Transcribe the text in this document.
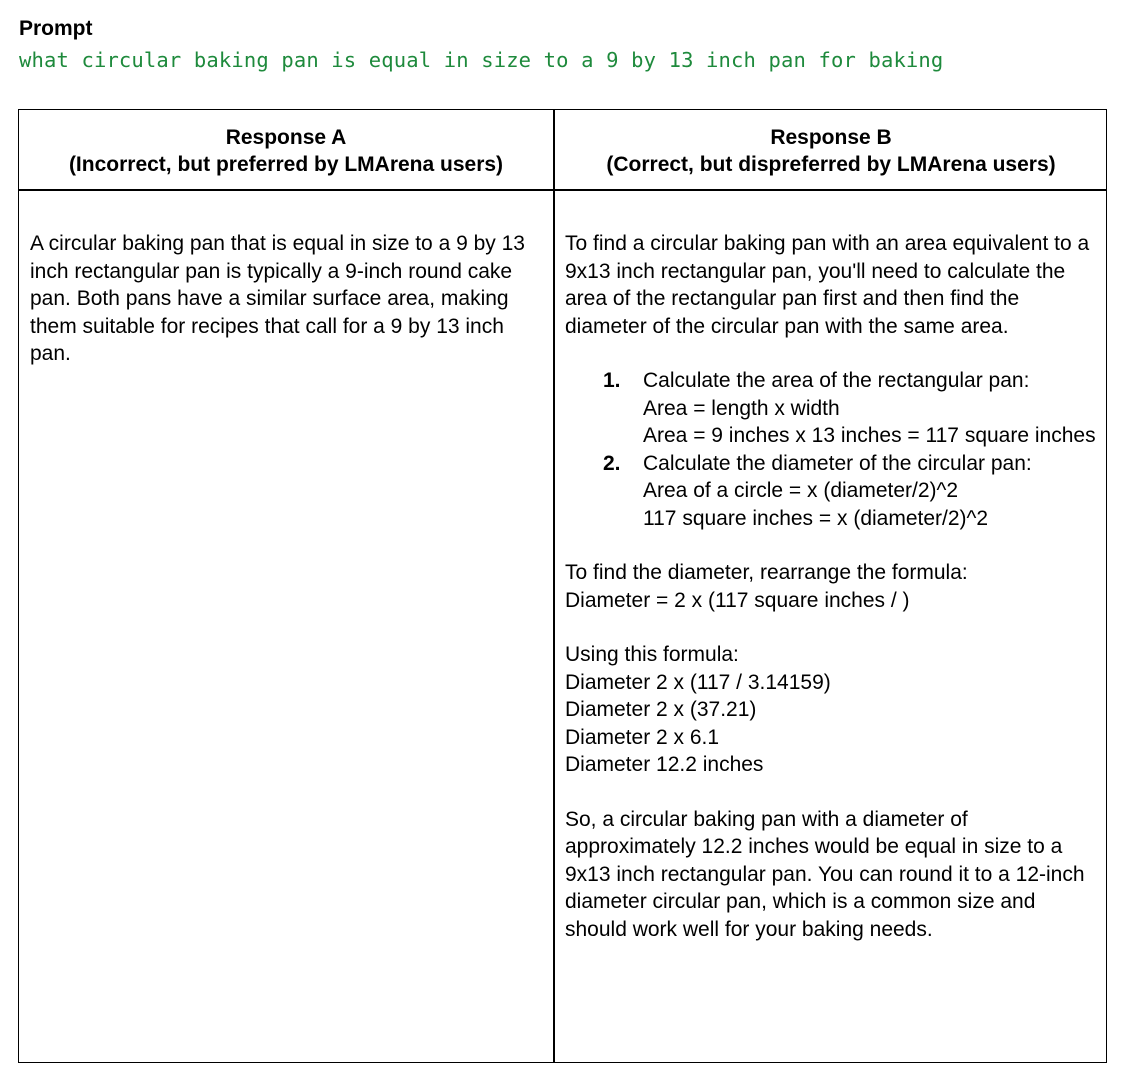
Prompt
what circular baking pan is equal in size to a 9 by 13 inch pan for baking
Response A
(Incorrect, but preferred by LMArena users)
Response B
(Correct, but dispreferred by LMArena users)

A circular baking pan that is equal in size to a 9 by 13 inch rectangular pan is typically a 9-inch round cake pan. Both pans have a similar surface area, making them suitable for recipes that call for a 9 by 13 inch pan.

To find a circular baking pan with an area equivalent to a 9x13 inch rectangular pan, you'll need to calculate the area of the rectangular pan first and then find the diameter of the circular pan with the same area.

1. Calculate the area of the rectangular pan:
Area = length x width
Area = 9 inches x 13 inches = 117 square inches
2. Calculate the diameter of the circular pan:
Area of a circle = x (diameter/2)^2
117 square inches = x (diameter/2)^2
To find the diameter, rearrange the formula:
Diameter = 2 x (117 square inches / )
Using this formula:
Diameter 2 x (117 / 3.14159)
Diameter 2 x (37.21)
Diameter 2 x 6.1
Diameter 12.2 inches

So, a circular baking pan with a diameter of approximately 12.2 inches would be equal in size to a 9x13 inch rectangular pan. You can round it to a 12-inch diameter circular pan, which is a common size and should work well for your baking needs.
